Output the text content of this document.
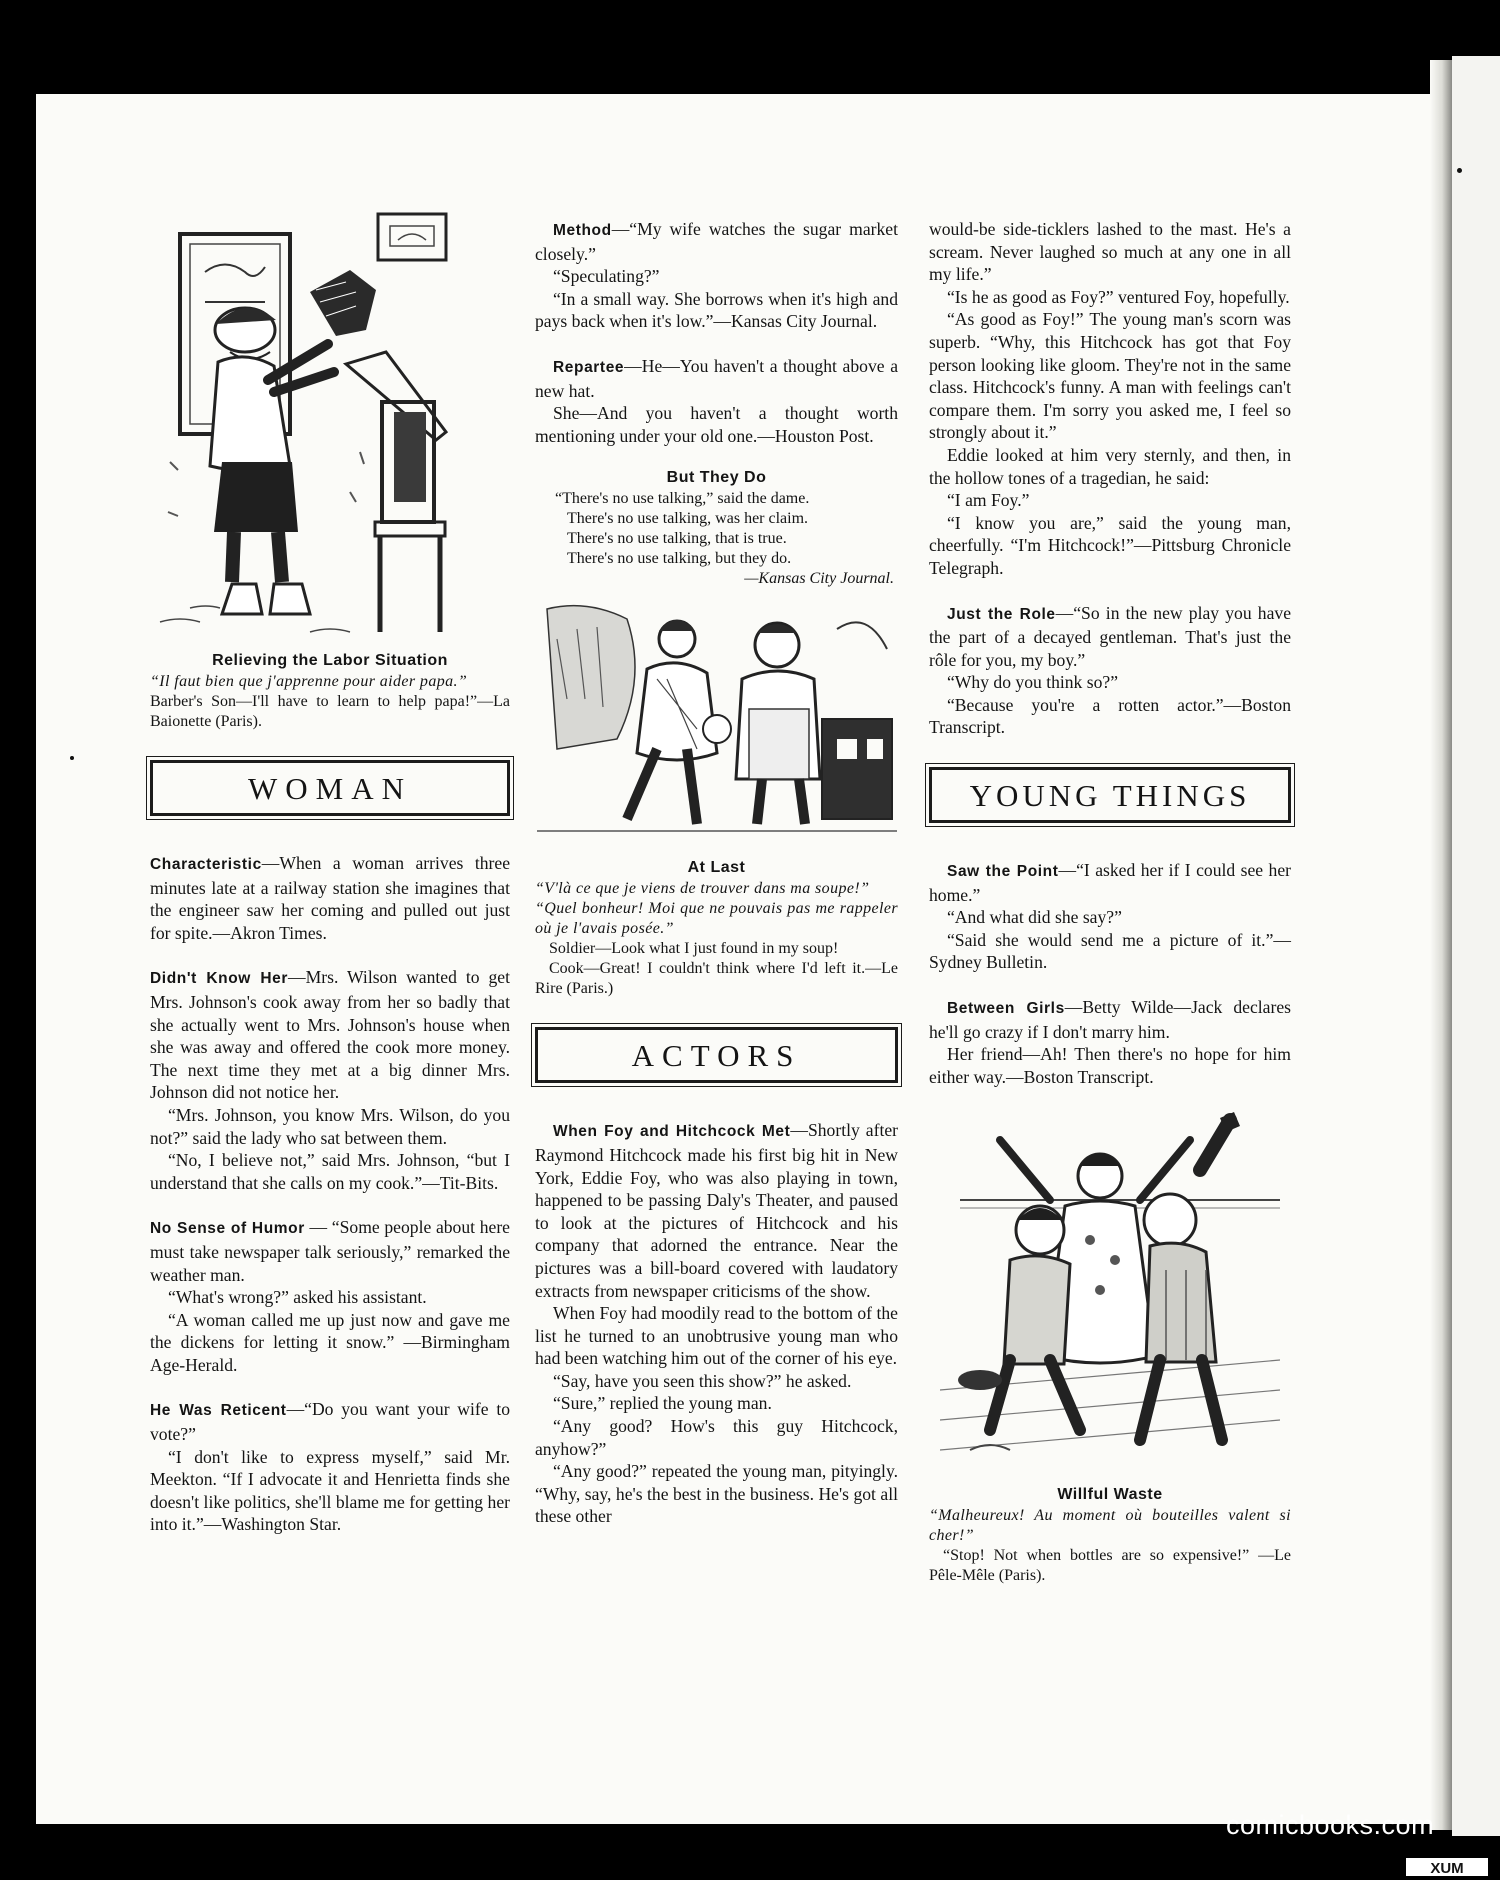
Relieving the Labor Situation
“Il faut bien que j'apprenne pour aider papa.”
Barber's Son—I'll have to learn to help papa!”—La Baionette (Paris).
WOMAN

Characteristic—When a woman arrives three minutes late at a railway station she imagines that the engineer saw her coming and pulled out just for spite.—Akron Times.

Didn't Know Her—Mrs. Wilson wanted to get Mrs. Johnson's cook away from her so badly that she actually went to Mrs. Johnson's house when she was away and offered the cook more money. The next time they met at a big dinner Mrs. Johnson did not notice her.

“Mrs. Johnson, you know Mrs. Wilson, do you not?” said the lady who sat between them.

“No, I believe not,” said Mrs. Johnson, “but I understand that she calls on my cook.”—Tit-Bits.

No Sense of Humor — “Some people about here must take newspaper talk seriously,” remarked the weather man.

“What's wrong?” asked his assistant.

“A woman called me up just now and gave me the dickens for letting it snow.” —Birmingham Age-Herald.

He Was Reticent—“Do you want your wife to vote?”

“I don't like to express myself,” said Mr. Meekton. “If I advocate it and Henrietta finds she doesn't like politics, she'll blame me for getting her into it.”—Washington Star.

Method—“My wife watches the sugar market closely.”

“Speculating?”

“In a small way. She borrows when it's high and pays back when it's low.”—Kansas City Journal.

Repartee—He—You haven't a thought above a new hat.

She—And you haven't a thought worth mentioning under your old one.—Houston Post.

But They Do
“There's no use talking,” said the dame.
There's no use talking, was her claim.
There's no use talking, that is true.
There's no use talking, but they do.
—Kansas City Journal.
At Last
“V'là ce que je viens de trouver dans ma soupe!”
“Quel bonheur! Moi que ne pouvais pas me rappeler où je l'avais posée.”
Soldier—Look what I just found in my soup!
Cook—Great! I couldn't think where I'd left it.—Le Rire (Paris.)
ACTORS

When Foy and Hitchcock Met—Shortly after Raymond Hitchcock made his first big hit in New York, Eddie Foy, who was also playing in town, happened to be passing Daly's Theater, and paused to look at the pictures of Hitchcock and his company that adorned the entrance. Near the pictures was a bill-board covered with laudatory extracts from newspaper criticisms of the show.

When Foy had moodily read to the bottom of the list he turned to an unobtrusive young man who had been watching him out of the corner of his eye.

“Say, have you seen this show?” he asked.

“Sure,” replied the young man.

“Any good? How's this guy Hitchcock, anyhow?”

“Any good?” repeated the young man, pityingly. “Why, say, he's the best in the business. He's got all these other

would-be side-ticklers lashed to the mast. He's a scream. Never laughed so much at any one in all my life.”

“Is he as good as Foy?” ventured Foy, hopefully.

“As good as Foy!” The young man's scorn was superb. “Why, this Hitchcock has got that Foy person looking like gloom. They're not in the same class. Hitchcock's funny. A man with feelings can't compare them. I'm sorry you asked me, I feel so strongly about it.”

Eddie looked at him very sternly, and then, in the hollow tones of a tragedian, he said:

“I am Foy.”

“I know you are,” said the young man, cheerfully. “I'm Hitchcock!”—Pittsburg Chronicle Telegraph.

Just the Role—“So in the new play you have the part of a decayed gentleman. That's just the rôle for you, my boy.”

“Why do you think so?”

“Because you're a rotten actor.”—Boston Transcript.

YOUNG THINGS

Saw the Point—“I asked her if I could see her home.”

“And what did she say?”

“Said she would send me a picture of it.”—Sydney Bulletin.

Between Girls—Betty Wilde—Jack declares he'll go crazy if I don't marry him.

Her friend—Ah! Then there's no hope for him either way.—Boston Transcript.

Willful Waste
“Malheureux! Au moment où bouteilles valent si cher!”
“Stop! Not when bottles are so expensive!” —Le Pêle-Mêle (Paris).
comicbooks.com
XUM
